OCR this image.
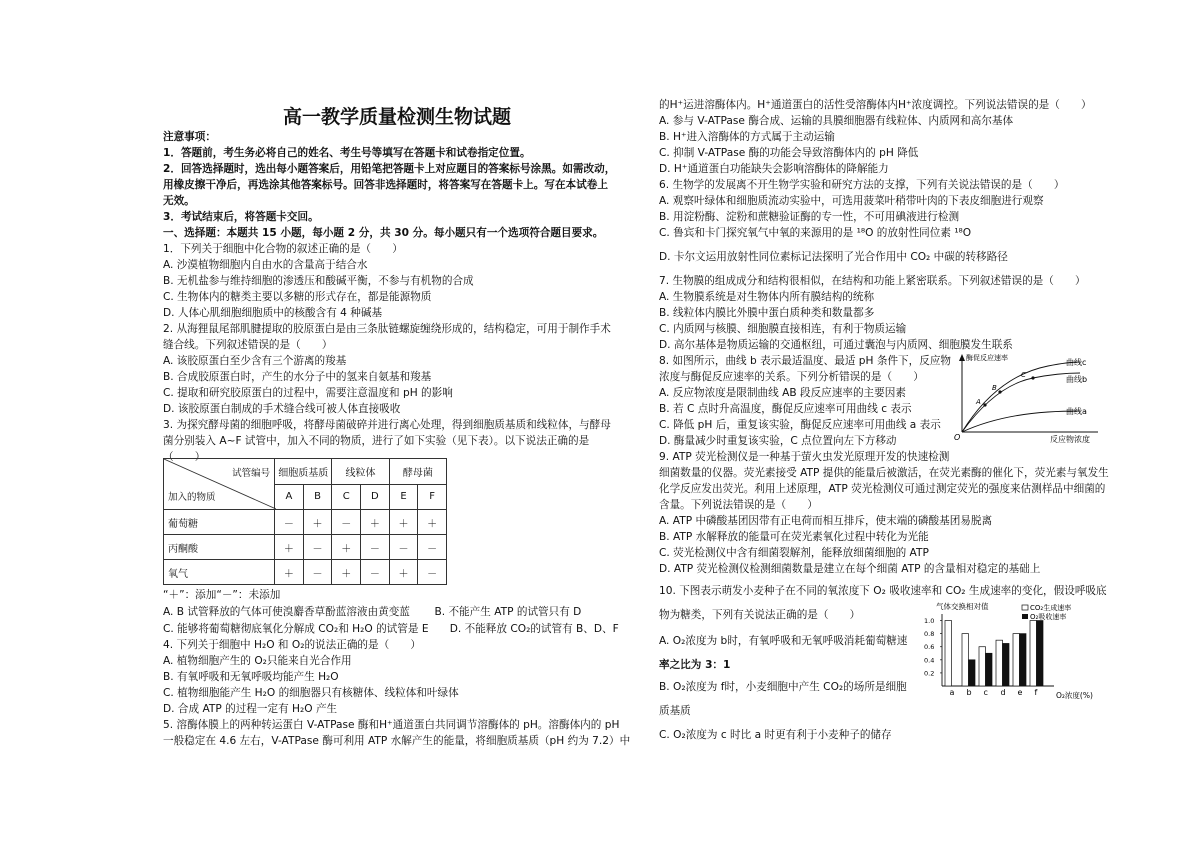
高一教学质量检测生物试题
注意事项：
1．答题前，考生务必将自己的姓名、考生号等填写在答题卡和试卷指定位置。
2．回答选择题时，选出每小题答案后，用铅笔把答题卡上对应题目的答案标号涂黑。如需改动，
用橡皮擦干净后，再选涂其他答案标号。回答非选择题时，将答案写在答题卡上。写在本试卷上
无效。
3．考试结束后，将答题卡交回。
一、选择题：本题共 15 小题，每小题 2 分，共 30 分。每小题只有一个选项符合题目要求。
1．下列关于细胞中化合物的叙述正确的是（　　）
A. 沙漠植物细胞内自由水的含量高于结合水
B. 无机盐参与维持细胞的渗透压和酸碱平衡，不参与有机物的合成
C. 生物体内的糖类主要以多糖的形式存在，都是能源物质
D. 人体心肌细胞细胞质中的核酸含有 4 种碱基
2. 从海狸鼠尾部肌腱提取的胶原蛋白是由三条肽链螺旋缠绕形成的，结构稳定，可用于制作手术
缝合线。下列叙述错误的是（　　）
A. 该胶原蛋白至少含有三个游离的羧基
B. 合成胶原蛋白时，产生的水分子中的氢来自氨基和羧基
C. 提取和研究胶原蛋白的过程中，需要注意温度和 pH 的影响
D. 该胶原蛋白制成的手术缝合线可被人体直接吸收
3. 为探究酵母菌的细胞呼吸，将酵母菌破碎并进行离心处理，得到细胞质基质和线粒体，与酵母
菌分别装入 A~F 试管中，加入不同的物质，进行了如下实验（见下表）。以下说法正确的是
（　　）
试管编号
加入的物质	细胞质基质		线粒体		酵母菌	
	A	B	C	D	E	F
葡萄糖	－	＋	－	＋	＋	＋
丙酮酸	＋	－	＋	－	－	－
氧气	＋	－	＋	－	＋	－
“＋”：添加“－”：未添加
A. B 试管释放的气体可使溴麝香草酚蓝溶液由黄变蓝　　 B. 不能产生 ATP 的试管只有 D
C. 能够将葡萄糖彻底氧化分解成 CO₂和 H₂O 的试管是 E　　D. 不能释放 CO₂的试管有 B、D、F
4. 下列关于细胞中 H₂O 和 O₂的说法正确的是（　　）
A. 植物细胞产生的 O₂只能来自光合作用
B. 有氧呼吸和无氧呼吸均能产生 H₂O
C. 植物细胞能产生 H₂O 的细胞器只有核糖体、线粒体和叶绿体
D. 合成 ATP 的过程一定有 H₂O 产生
5. 溶酶体膜上的两种转运蛋白 V-ATPase 酶和H⁺通道蛋白共同调节溶酶体的 pH。溶酶体内的 pH
一般稳定在 4.6 左右，V-ATPase 酶可利用 ATP 水解产生的能量，将细胞质基质（pH 约为 7.2）中
的H⁺运进溶酶体内。H⁺通道蛋白的活性受溶酶体内H⁺浓度调控。下列说法错误的是（　　）
A. 参与 V-ATPase 酶合成、运输的具膜细胞器有线粒体、内质网和高尔基体
B. H⁺进入溶酶体的方式属于主动运输
C. 抑制 V-ATPase 酶的功能会导致溶酶体内的 pH 降低
D. H⁺通道蛋白功能缺失会影响溶酶体的降解能力
6. 生物学的发展离不开生物学实验和研究方法的支撑，下列有关说法错误的是（　　）
A. 观察叶绿体和细胞质流动实验中，可选用菠菜叶稍带叶肉的下表皮细胞进行观察
B. 用淀粉酶、淀粉和蔗糖验证酶的专一性，不可用碘液进行检测
C. 鲁宾和卡门探究氧气中氧的来源用的是 ¹⁸O 的放射性同位素 ¹⁸O
D. 卡尔文运用放射性同位素标记法探明了光合作用中 CO₂ 中碳的转移路径
7. 生物膜的组成成分和结构很相似，在结构和功能上紧密联系。下列叙述错误的是（　　）
A. 生物膜系统是对生物体内所有膜结构的统称
B. 线粒体内膜比外膜中蛋白质种类和数量都多
C. 内质网与核膜、细胞膜直接相连，有利于物质运输
D. 高尔基体是物质运输的交通枢纽，可通过囊泡与内质网、细胞膜发生联系
8. 如图所示，曲线 b 表示最适温度、最适 pH 条件下，反应物
浓度与酶促反应速率的关系。下列分析错误的是（　　）
A. 反应物浓度是限制曲线 AB 段反应速率的主要因素
B. 若 C 点时升高温度，酶促反应速率可用曲线 c 表示
C. 降低 pH 后，重复该实验，酶促反应速率可用曲线 a 表示
D. 酶量减少时重复该实验，C 点位置向左下方移动
9. ATP 荧光检测仪是一种基于萤火虫发光原理开发的快速检测
细菌数量的仪器。荧光素接受 ATP 提供的能量后被激活，在荧光素酶的催化下，荧光素与氧发生
化学反应发出荧光。利用上述原理，ATP 荧光检测仪可通过测定荧光的强度来估测样品中细菌的
含量。下列说法错误的是（　　）
A. ATP 中磷酸基团因带有正电荷而相互排斥，使末端的磷酸基团易脱离
B. ATP 水解释放的能量可在荧光素氧化过程中转化为光能
C. 荧光检测仪中含有细菌裂解剂，能释放细菌细胞的 ATP
D. ATP 荧光检测仪检测细菌数量是建立在每个细菌 ATP 的含量相对稳定的基础上
10. 下图表示萌发小麦种子在不同的氧浓度下 O₂ 吸收速率和 CO₂ 生成速率的变化，假设呼吸底
物为糖类，下列有关说法正确的是（　　）
A. O₂浓度为 b时，有氧呼吸和无氧呼吸消耗葡萄糖速
率之比为 3：1
B. O₂浓度为 f时，小麦细胞中产生 CO₂的场所是细胞
质基质
C. O₂浓度为 c 时比 a 时更有利于小麦种子的储存
酶促反应速率
O
A
B
C
曲线c
曲线b
曲线a
反应物浓度
气体交换相对值
0.2
0.4
0.6
0.8
1.0
a b c d e f
CO₂生成速率
O₂吸收速率
O₂浓度(%)
